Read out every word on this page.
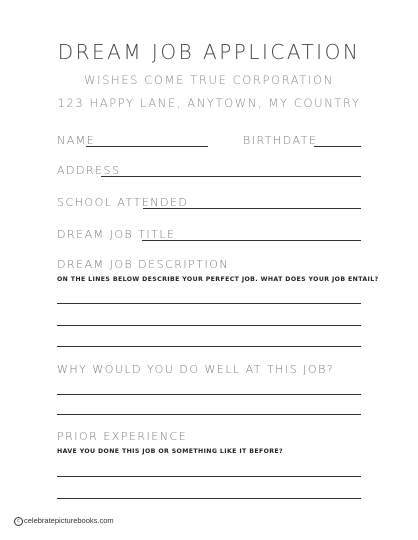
DREAM JOB APPLICATION
WISHES COME TRUE CORPORATION
123 HAPPY LANE, ANYTOWN, MY COUNTRY
NAME	BIRTHDATE
ADDRESS
SCHOOL ATTENDED
DREAM JOB TITLE
DREAM JOB DESCRIPTION
ON THE LINES BELOW DESCRIBE YOUR PERFECT JOB. WHAT DOES YOUR JOB ENTAIL?
WHY WOULD YOU DO WELL AT THIS JOB?
PRIOR EXPERIENCE
HAVE YOU DONE THIS JOB OR SOMETHING LIKE IT BEFORE?
c celebratepicturebooks.com
